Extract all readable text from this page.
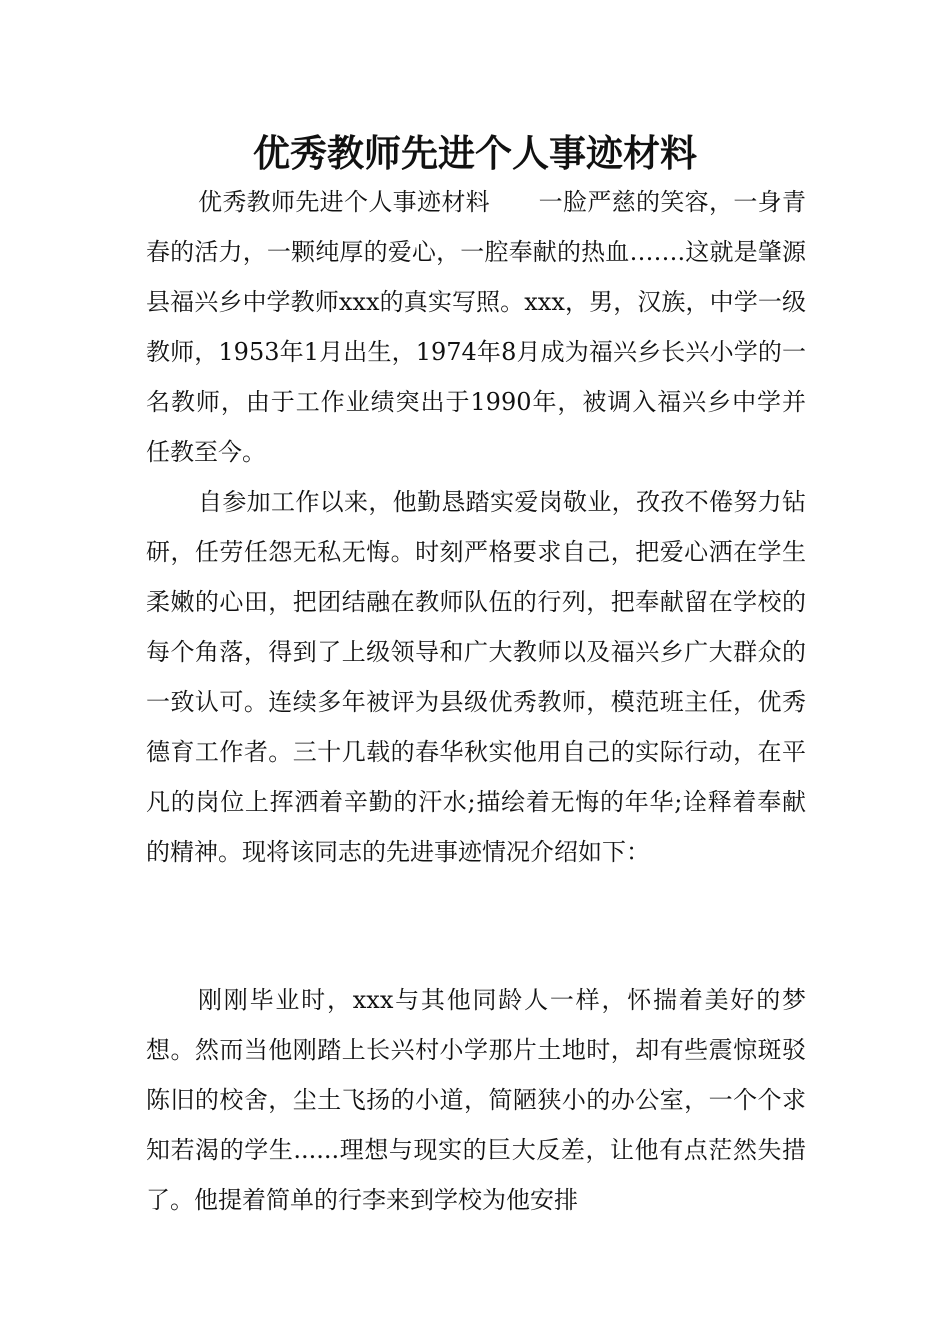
优秀教师先进个人事迹材料

优秀教师先进个人事迹材料　　一脸严慈的笑容，一身青春的活力，一颗纯厚的爱心，一腔奉献的热血…….这就是肇源县福兴乡中学教师xxx的真实写照。xxx，男，汉族，中学一级教师，1953年1月出生，1974年8月成为福兴乡长兴小学的一名教师，由于工作业绩突出于1990年，被调入福兴乡中学并任教至今。

自参加工作以来，他勤恳踏实爱岗敬业，孜孜不倦努力钻研，任劳任怨无私无悔。时刻严格要求自己，把爱心洒在学生柔嫩的心田，把团结融在教师队伍的行列，把奉献留在学校的每个角落，得到了上级领导和广大教师以及福兴乡广大群众的一致认可。连续多年被评为县级优秀教师，模范班主任，优秀德育工作者。三十几载的春华秋实他用自己的实际行动，在平凡的岗位上挥洒着辛勤的汗水;描绘着无悔的年华;诠释着奉献的精神。现将该同志的先进事迹情况介绍如下：

刚刚毕业时，xxx与其他同龄人一样，怀揣着美好的梦想。然而当他刚踏上长兴村小学那片土地时，却有些震惊斑驳陈旧的校舍，尘土飞扬的小道，简陋狭小的办公室，一个个求知若渴的学生......理想与现实的巨大反差，让他有点茫然失措了。他提着简单的行李来到学校为他安排
